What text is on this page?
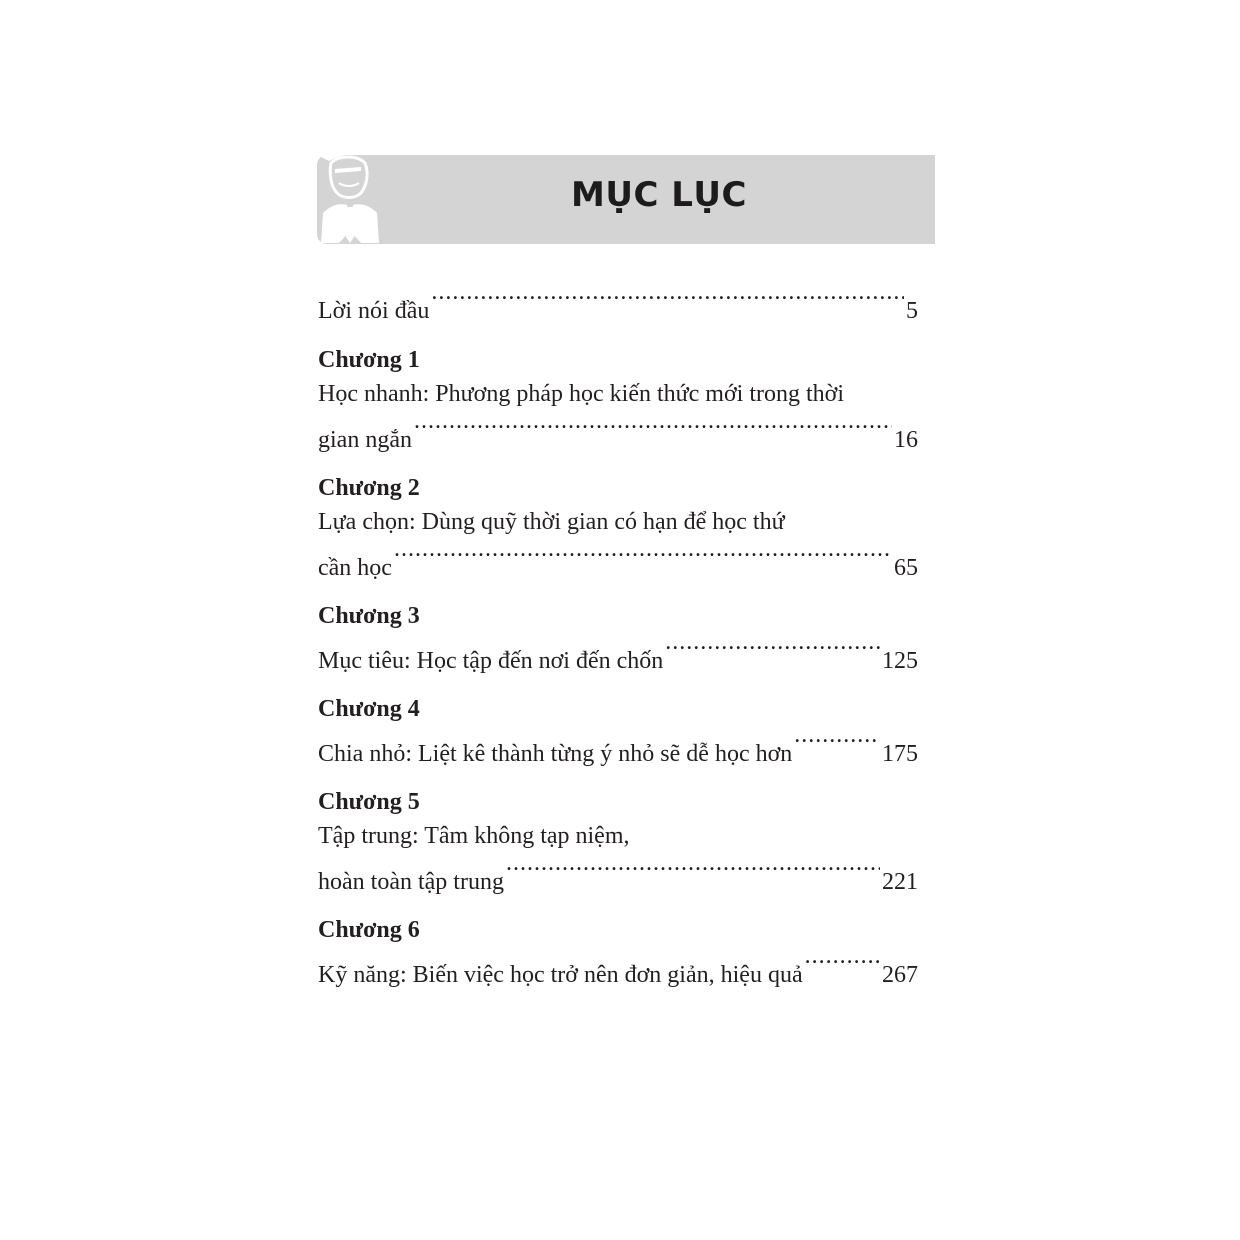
MỤC LỤC
Lời nói đầu .....	5
Chương 1
Học nhanh: Phương pháp học kiến thức mới trong thời
gian ngắn .....	16
Chương 2
Lựa chọn: Dùng quỹ thời gian có hạn để học thứ
cần học .....	65
Chương 3
Mục tiêu: Học tập đến nơi đến chốn .....	125
Chương 4
Chia nhỏ: Liệt kê thành từng ý nhỏ sẽ dễ học hơn .....	175
Chương 5
Tập trung: Tâm không tạp niệm,
hoàn toàn tập trung .....	221
Chương 6
Kỹ năng: Biến việc học trở nên đơn giản, hiệu quả .....	267
